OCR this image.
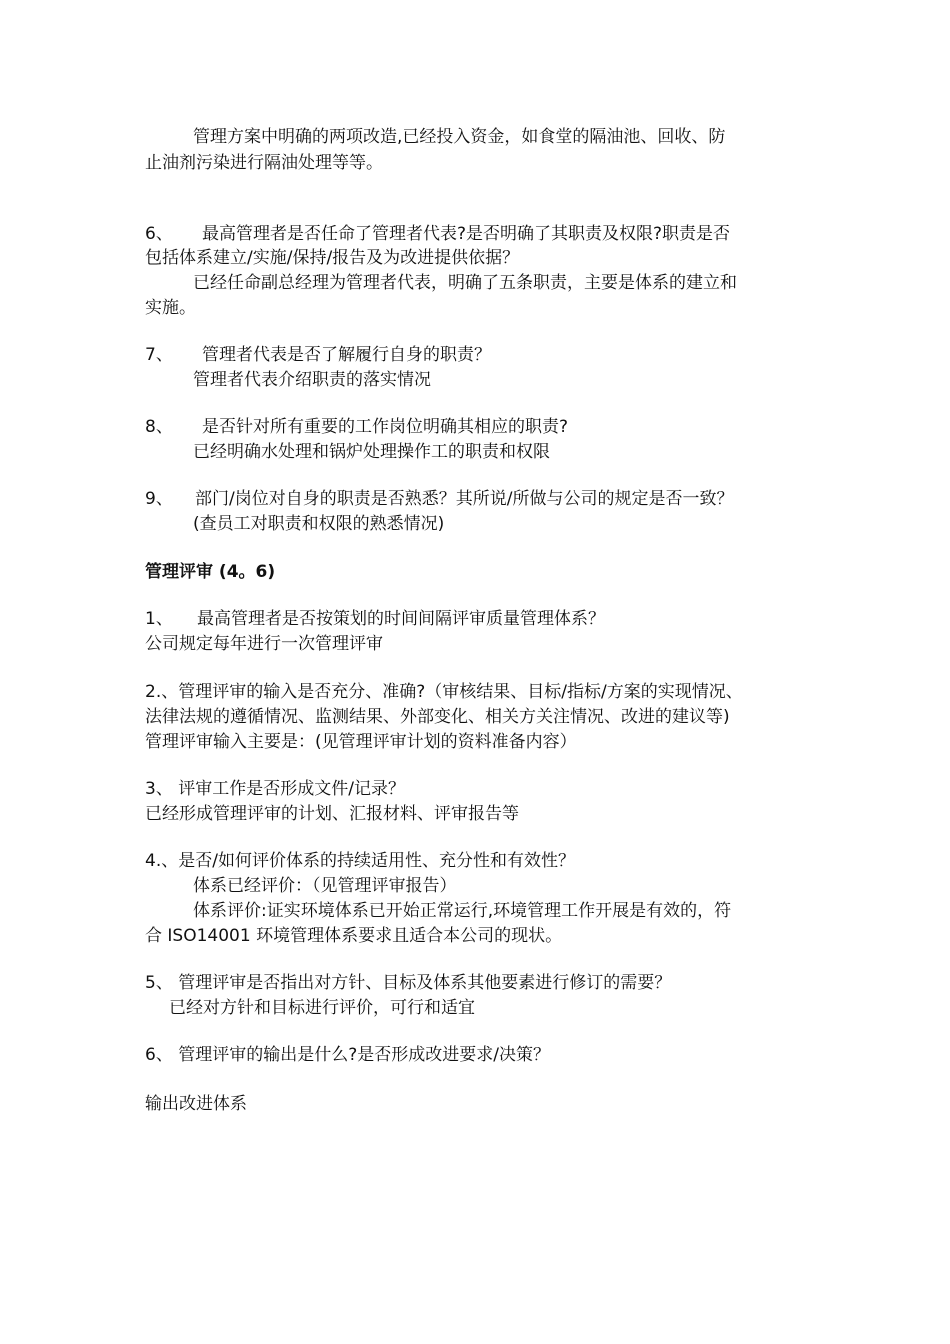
管理方案中明确的两项改造,已经投入资金，如食堂的隔油池、回收、防
止油剂污染进行隔油处理等等。
6、 最高管理者是否任命了管理者代表?是否明确了其职责及权限?职责是否
包括体系建立/实施/保持/报告及为改进提供依据？
已经任命副总经理为管理者代表，明确了五条职责，主要是体系的建立和
实施。
7、 管理者代表是否了解履行自身的职责？
管理者代表介绍职责的落实情况
8、 是否针对所有重要的工作岗位明确其相应的职责?
已经明确水处理和锅炉处理操作工的职责和权限
9、 部门/岗位对自身的职责是否熟悉？其所说/所做与公司的规定是否一致？
(查员工对职责和权限的熟悉情况)
管理评审 (4。6)
1、 最高管理者是否按策划的时间间隔评审质量管理体系？
公司规定每年进行一次管理评审
2.、管理评审的输入是否充分、准确?（审核结果、目标/指标/方案的实现情况、
法律法规的遵循情况、监测结果、外部变化、相关方关注情况、改进的建议等)
管理评审输入主要是：(见管理评审计划的资料准备内容）
3、 评审工作是否形成文件/记录？
已经形成管理评审的计划、汇报材料、评审报告等
4.、是否/如何评价体系的持续适用性、充分性和有效性？
体系已经评价：（见管理评审报告）
体系评价:证实环境体系已开始正常运行,环境管理工作开展是有效的，符
合 ISO14001 环境管理体系要求且适合本公司的现状。
5、 管理评审是否指出对方针、目标及体系其他要素进行修订的需要？
已经对方针和目标进行评价，可行和适宜
6、 管理评审的输出是什么?是否形成改进要求/决策？
输出改进体系
